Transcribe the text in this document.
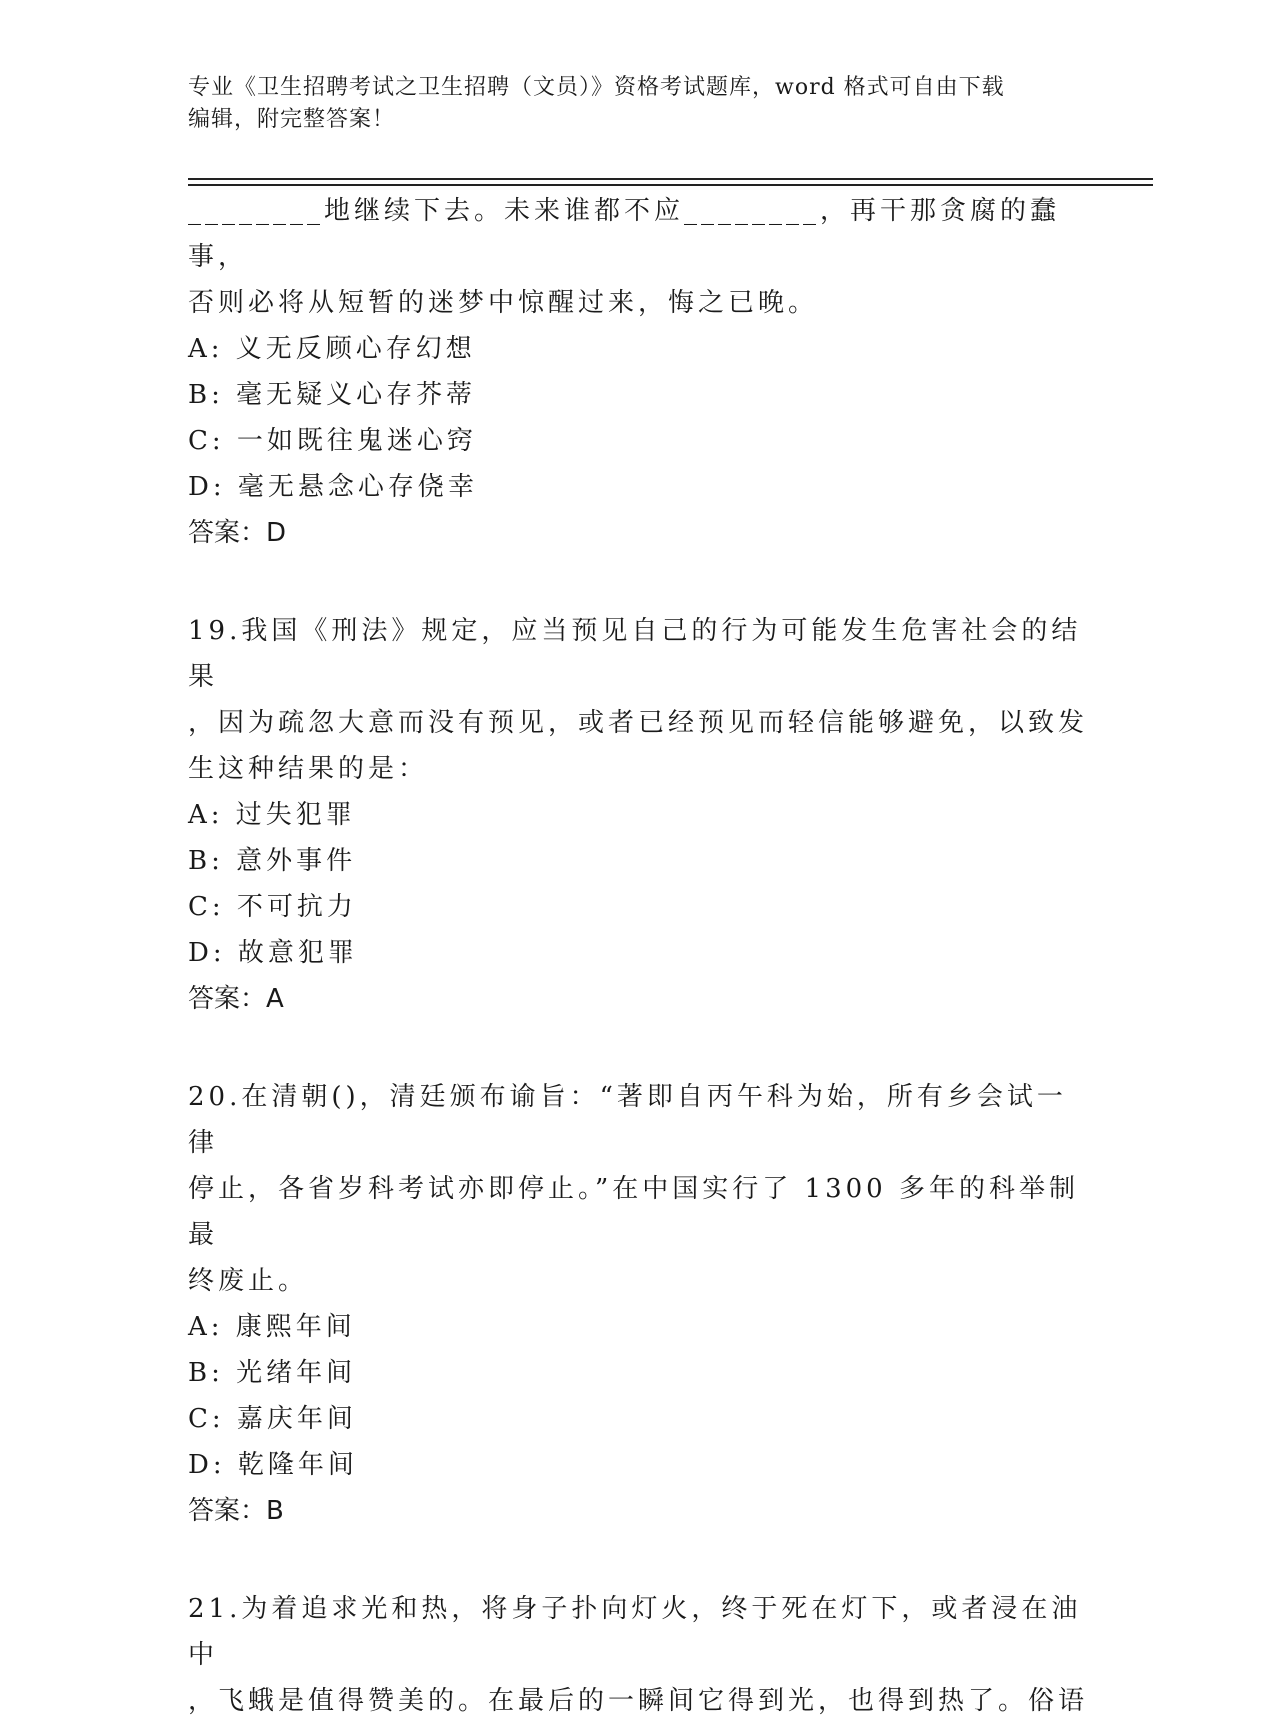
专业《卫生招聘考试之卫生招聘（文员）》资格考试题库，word 格式可自由下载
编辑，附完整答案！

________地继续下去。未来谁都不应________，再干那贪腐的蠢事，

否则必将从短暂的迷梦中惊醒过来，悔之已晚。

A: 义无反顾心存幻想

B: 毫无疑义心存芥蒂

C: 一如既往鬼迷心窍

D: 毫无悬念心存侥幸

答案：D

19.我国《刑法》规定，应当预见自己的行为可能发生危害社会的结果

，因为疏忽大意而没有预见，或者已经预见而轻信能够避免，以致发

生这种结果的是：

A: 过失犯罪

B: 意外事件

C: 不可抗力

D: 故意犯罪

答案：A

20.在清朝()，清廷颁布谕旨：“著即自丙午科为始，所有乡会试一律

停止，各省岁科考试亦即停止。”在中国实行了 1300 多年的科举制最

终废止。

A: 康熙年间

B: 光绪年间

C: 嘉庆年间

D: 乾隆年间

答案：B

21.为着追求光和热，将身子扑向灯火，终于死在灯下，或者浸在油中

，飞蛾是值得赞美的。在最后的一瞬间它得到光，也得到热了。俗语
